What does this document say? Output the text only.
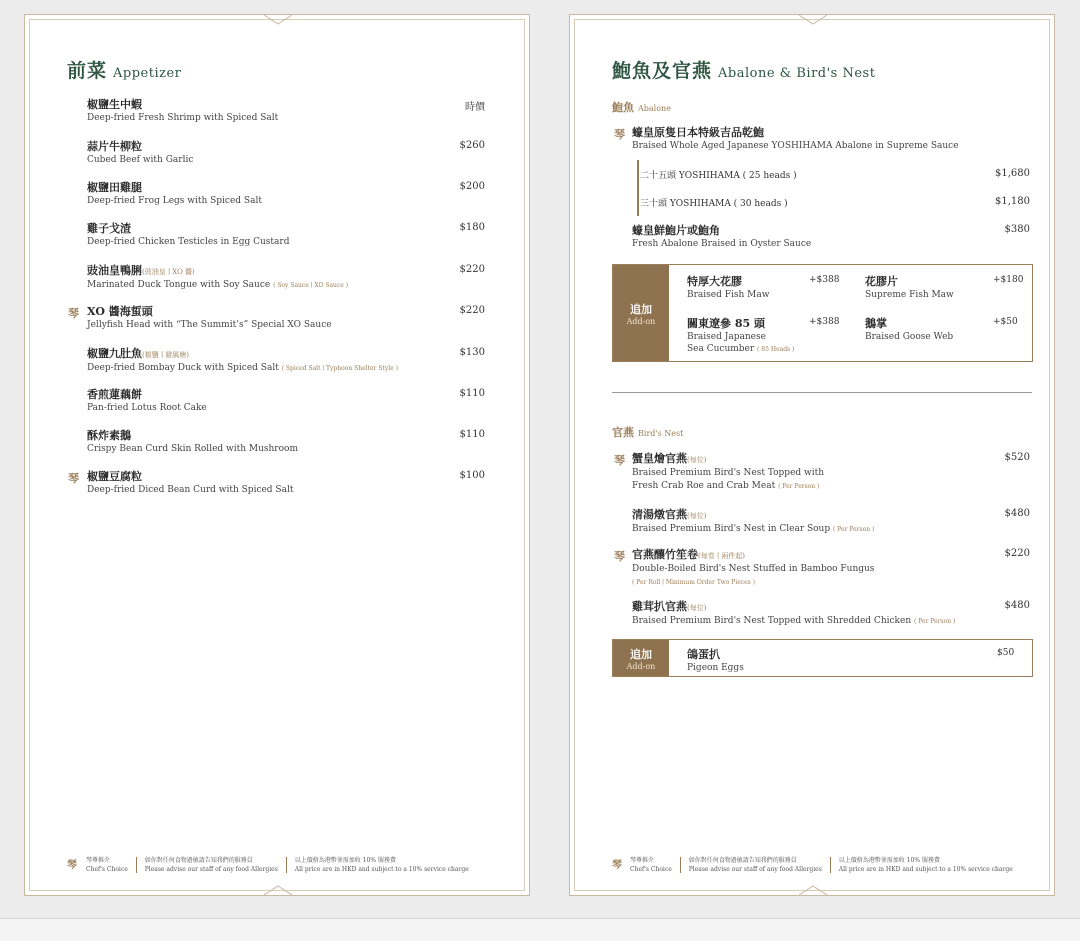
前菜 Appetizer
椒鹽生中蝦
Deep-fried Fresh Shrimp with Spiced Salt
時價
蒜片牛柳粒
Cubed Beef with Garlic
$260
椒鹽田雞腿
Deep-fried Frog Legs with Spiced Salt
$200
雞子戈渣
Deep-fried Chicken Testicles in Egg Custard
$180
豉油皇鴨脷(豉油皇 ∣ XO 醬)
Marinated Duck Tongue with Soy Sauce ( Soy Sauce ∣ XO Sauce )
$220
琴 XO 醬海蜇頭
Jellyfish Head with “The Summit’s” Special XO Sauce
$220
椒鹽九肚魚(椒鹽 ∣ 避風塘)
Deep-fried Bombay Duck with Spiced Salt ( Spiced Salt ∣ Typhoon Shelter Style )
$130
香煎蓮藕餅
Pan-fried Lotus Root Cake
$110
酥炸素鵝
Crispy Bean Curd Skin Rolled with Mushroom
$110
琴 椒鹽豆腐粒
Deep-fried Diced Bean Curd with Spiced Salt
$100
琴 琴尊推介
Chef's Choice如你對任何食物過敏請告知我們的服務員
Please advise our staff of any food Allergies以上價格為港幣並需加收 10% 服務費
All price are in HKD and subject to a 10% service charge
鮑魚及官燕 Abalone & Bird's Nest
鮑魚 Abalone
琴 蠔皇原隻日本特級吉品乾鮑
Braised Whole Aged Japanese YOSHIHAMA Abalone in Supreme Sauce
二十五頭 YOSHIHAMA ( 25 heads )	$1,680
三十頭 YOSHIHAMA ( 30 heads )	$1,180
蠔皇鮮鮑片或鮑角
Fresh Abalone Braised in Oyster Sauce
$380
追加
Add-on
特厚大花膠
Braised Fish Maw
+$388 花膠片
Supreme Fish Maw
+$180
關東遼參 85 頭
Braised Japanese
Sea Cucumber ( 85 Heads )
+$388 鵝掌
Braised Goose Web
+$50
官燕 Bird's Nest
琴 蟹皇燴官燕(每位)
Braised Premium Bird's Nest Topped with
Fresh Crab Roe and Crab Meat ( Per Person )
$520
清湯燉官燕(每位)
Braised Premium Bird's Nest in Clear Soup ( Per Person )
$480
琴 官燕釀竹笙卷(每卷 ∣ 兩件起)
Double-Boiled Bird's Nest Stuffed in Bamboo Fungus
( Per Roll ∣ Minimum Order Two Pieces )
$220
雞茸扒官燕(每位)
Braised Premium Bird's Nest Topped with Shredded Chicken ( Per Person )
$480
追加
Add-on
鴿蛋扒
Pigeon Eggs
$50
琴 琴尊推介
Chef's Choice如你對任何食物過敏請告知我們的服務員
Please advise our staff of any food Allergies以上價格為港幣並需加收 10% 服務費
All price are in HKD and subject to a 10% service charge
